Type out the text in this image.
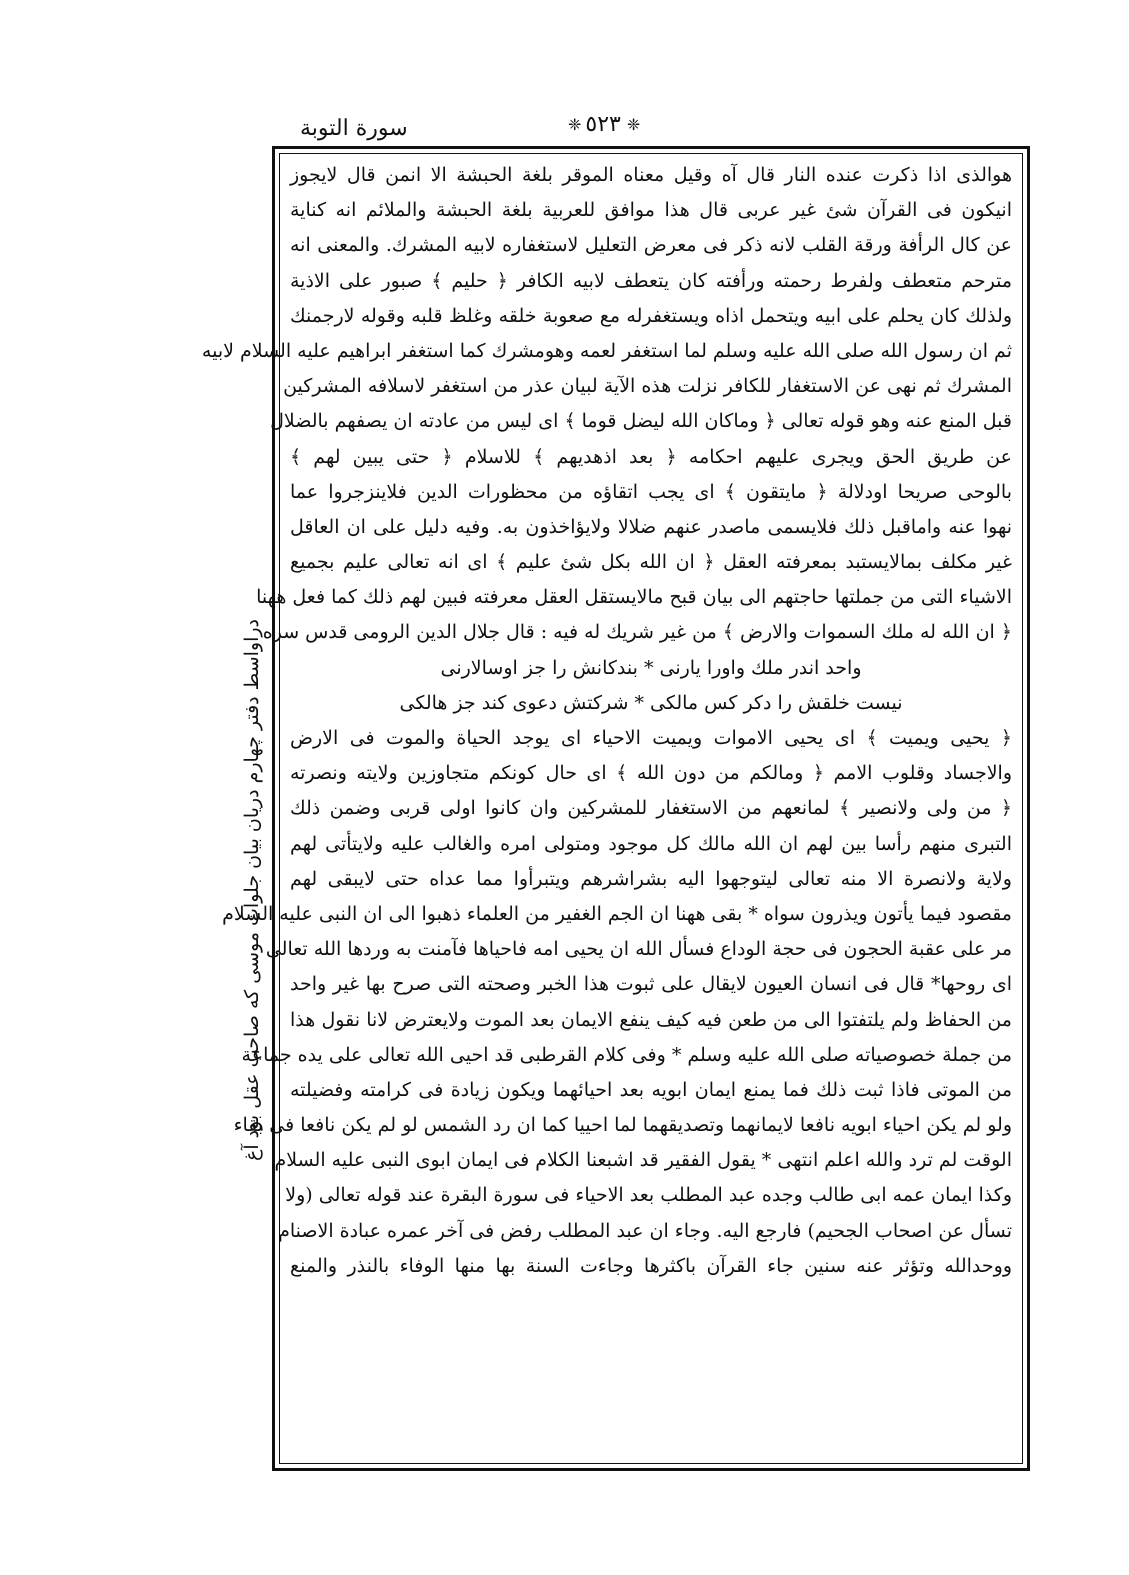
سورة التوبة	❈ ٥٢٣ ❈
دراواسط دفتر چهارم دریان بیان جلوات موسی که صاحب عقل بود آغ
هوالذى اذا ذكرت عنده النار قال آه وقيل معناه الموقر بلغة الحبشة الا انمن قال لايجوز
انيكون فى القرآن شئ غير عربى قال هذا موافق للعربية بلغة الحبشة والملائم انه كناية
عن كال الرأفة ورقة القلب لانه ذكر فى معرض التعليل لاستغفاره لابيه المشرك. والمعنى انه
مترحم متعطف ولفرط رحمته ورأفته كان يتعطف لابيه الكافر ﴿ حليم ﴾ صبور على الاذية
ولذلك كان يحلم على ابيه ويتحمل اذاه ويستغفرله مع صعوبة خلقه وغلظ قلبه وقوله لارجمنك
ثم ان رسول الله صلى الله عليه وسلم لما استغفر لعمه وهومشرك كما استغفر ابراهيم عليه السلام لابيه
المشرك ثم نهى عن الاستغفار للكافر نزلت هذه الآية لبيان عذر من استغفر لاسلافه المشركين
قبل المنع عنه وهو قوله تعالى ﴿ وماكان الله ليضل قوما ﴾ اى ليس من عادته ان يصفهم بالضلال
عن طريق الحق ويجرى عليهم احكامه ﴿ بعد اذهديهم ﴾ للاسلام ﴿ حتى يبين لهم ﴾
بالوحى صريحا اودلالة ﴿ مايتقون ﴾ اى يجب اتقاؤه من محظورات الدين فلاينزجروا عما
نهوا عنه واماقبل ذلك فلايسمى ماصدر عنهم ضلالا ولايؤاخذون به. وفيه دليل على ان العاقل
غير مكلف بمالايستبد بمعرفته العقل ﴿ ان الله بكل شئ عليم ﴾ اى انه تعالى عليم بجميع
الاشياء التى من جملتها حاجتهم الى بيان قبح مالايستقل العقل معرفته فبين لهم ذلك كما فعل ههنا
﴿ ان الله له ملك السموات والارض ﴾ من غير شريك له فيه : قال جلال الدين الرومى قدس سره
واحد اندر ملك واورا يارنى * بندكانش را جز اوسالارنى
نيست خلقش را دكر كس مالكى * شركتش دعوى كند جز هالكى
﴿ يحيى ويميت ﴾ اى يحيى الاموات ويميت الاحياء اى يوجد الحياة والموت فى الارض
والاجساد وقلوب الامم ﴿ ومالكم من دون الله ﴾ اى حال كونكم متجاوزين ولايته ونصرته
﴿ من ولى ولانصير ﴾ لمانعهم من الاستغفار للمشركين وان كانوا اولى قربى وضمن ذلك
التبرى منهم رأسا بين لهم ان الله مالك كل موجود ومتولى امره والغالب عليه ولايتأتى لهم
ولاية ولانصرة الا منه تعالى ليتوجهوا اليه بشراشرهم ويتبرأوا مما عداه حتى لايبقى لهم
مقصود فيما يأتون ويذرون سواه * بقى ههنا ان الجم الغفير من العلماء ذهبوا الى ان النبى عليه السلام
مر على عقبة الحجون فى حجة الوداع فسأل الله ان يحيى امه فاحياها فآمنت به وردها الله تعالى
اى روحها* قال فى انسان العيون لايقال على ثبوت هذا الخبر وصحته التى صرح بها غير واحد
من الحفاظ ولم يلتفتوا الى من طعن فيه كيف ينفع الايمان بعد الموت ولايعترض لانا نقول هذا
من جملة خصوصياته صلى الله عليه وسلم * وفى كلام القرطبى قد احيى الله تعالى على يده جماعة
من الموتى فاذا ثبت ذلك فما يمنع ايمان ابويه بعد احيائهما ويكون زيادة فى كرامته وفضيلته
ولو لم يكن احياء ابويه نافعا لايمانهما وتصديقهما لما احييا كما ان رد الشمس لو لم يكن نافعا فى بقاء
الوقت لم ترد والله اعلم انتهى * يقول الفقير قد اشبعنا الكلام فى ايمان ابوى النبى عليه السلام
وكذا ايمان عمه ابى طالب وجده عبد المطلب بعد الاحياء فى سورة البقرة عند قوله تعالى (ولا
تسأل عن اصحاب الجحيم) فارجع اليه. وجاء ان عبد المطلب رفض فى آخر عمره عبادة الاصنام
ووحدالله وتؤثر عنه سنين جاء القرآن باكثرها وجاءت السنة بها منها الوفاء بالنذر والمنع
